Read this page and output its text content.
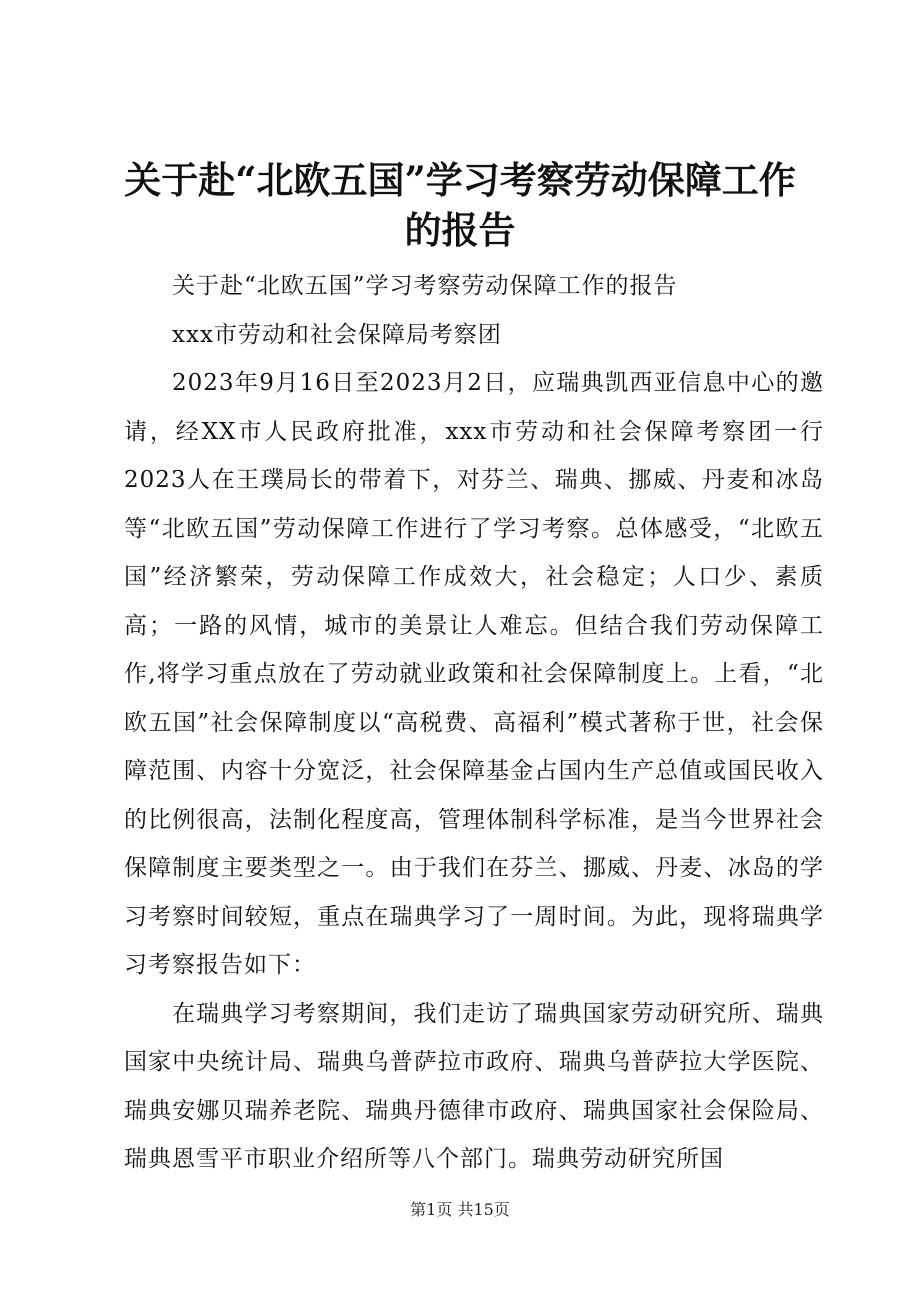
关于赴“北欧五国”学习考察劳动保障工作的报告

关于赴“北欧五国”学习考察劳动保障工作的报告

xxx市劳动和社会保障局考察团

2023年9月16日至2023月2日，应瑞典凯西亚信息中心的邀请，经XX市人民政府批准，xxx市劳动和社会保障考察团一行2023人在王璞局长的带着下，对芬兰、瑞典、挪威、丹麦和冰岛等“北欧五国”劳动保障工作进行了学习考察。总体感受，“北欧五国”经济繁荣，劳动保障工作成效大，社会稳定；人口少、素质高；一路的风情，城市的美景让人难忘。但结合我们劳动保障工作,将学习重点放在了劳动就业政策和社会保障制度上。上看，“北欧五国”社会保障制度以“高税费、高福利”模式著称于世，社会保障范围、内容十分宽泛，社会保障基金占国内生产总值或国民收入的比例很高，法制化程度高，管理体制科学标准，是当今世界社会保障制度主要类型之一。由于我们在芬兰、挪威、丹麦、冰岛的学习考察时间较短，重点在瑞典学习了一周时间。为此，现将瑞典学习考察报告如下：

在瑞典学习考察期间，我们走访了瑞典国家劳动研究所、瑞典国家中央统计局、瑞典乌普萨拉市政府、瑞典乌普萨拉大学医院、瑞典安娜贝瑞养老院、瑞典丹德律市政府、瑞典国家社会保险局、瑞典恩雪平市职业介绍所等八个部门。瑞典劳动研究所国

第1页 共15页
